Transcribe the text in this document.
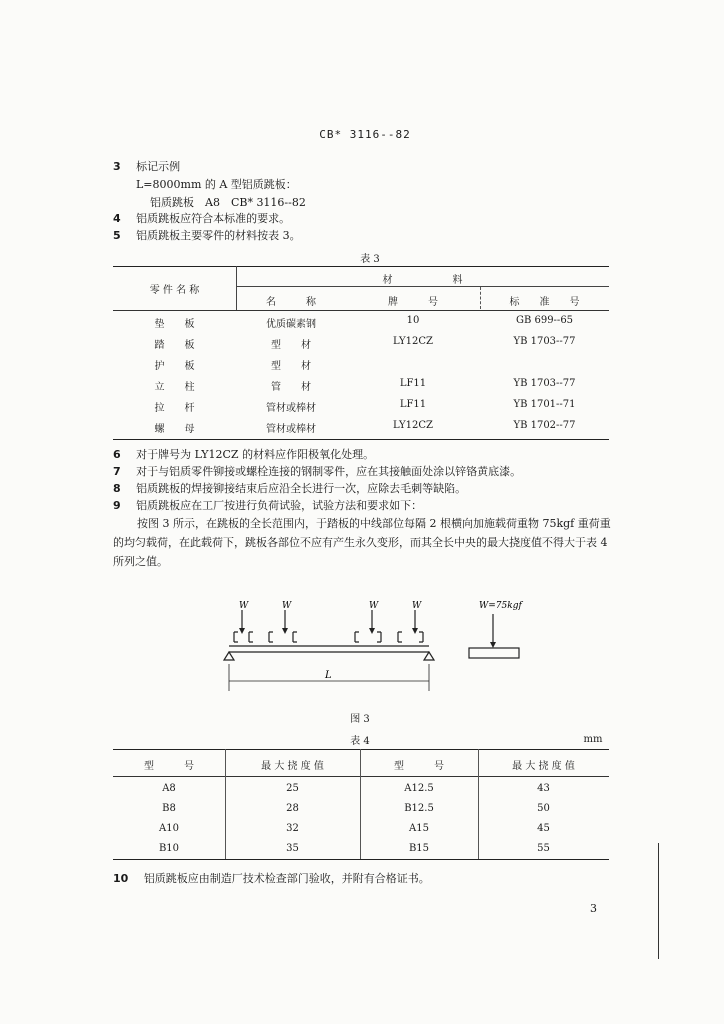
CB* 3116--82
3 标记示例
L=8000mm 的 A 型铝质跳板：
铝质跳板　A8　CB* 3116--82
4 铝质跳板应符合本标准的要求。
5 铝质跳板主要零件的材料按表 3。
表 3
零 件 名 称
材　　　　　　料
名　　　称	牌　　　号	标　　准　　号
垫　　板	优质碳素钢	10	GB 699--65
踏　　板	型　　材	LY12CZ	YB 1703--77
护　　板	型　　材
立　　柱	管　　材	LF11	YB 1703--77
拉　　杆	管材或棒材	LF11	YB 1701--71
螺　　母	管材或棒材	LY12CZ	YB 1702--77
6 对于牌号为 LY12CZ 的材料应作阳极氧化处理。
7 对于与铝质零件铆接或螺栓连接的钢制零件，应在其接触面处涂以锌铬黄底漆。
8 铝质跳板的焊接铆接结束后应沿全长进行一次，应除去毛刺等缺陷。
9 铝质跳板应在工厂按进行负荷试验，试验方法和要求如下：
按图 3 所示，在跳板的全长范围内，于踏板的中线部位每隔 2 根横向加施载荷重物 75kgf 重荷重的均匀载荷，在此载荷下，跳板各部位不应有产生永久变形，而其全长中央的最大挠度值不得大于表 4 所列之值。
W	W	W	W	W=75kgf
L
图 3
表 4	mm
型　　　号	最 大 挠 度 值	型　　　号	最 大 挠 度 值
A8	25	A12.5	43
B8	28	B12.5	50
A10	32	A15	45
B10	35	B15	55
10 铝质跳板应由制造厂技术检查部门验收，并附有合格证书。
3
